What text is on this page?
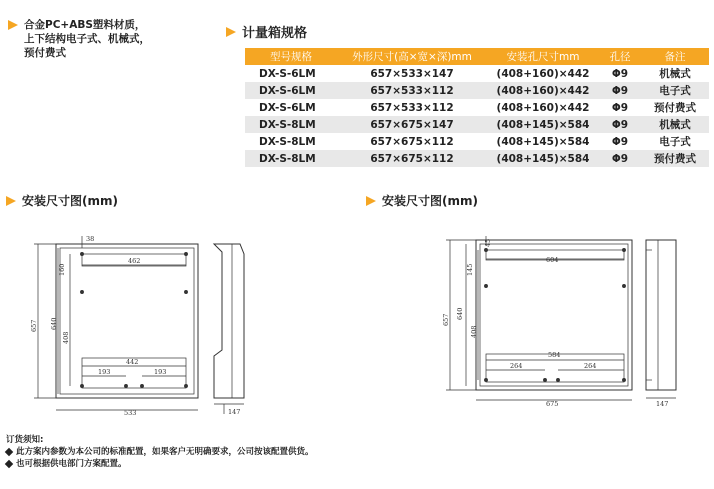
合金PC+ABS塑料材质，
上下结构电子式、机械式，
预付费式
计量箱规格
型号规格	外形尺寸(高×宽×深)mm	安装孔尺寸mm	孔径	备注
DX-S-6LM	657×533×147	(408+160)×442	Φ9	机械式
DX-S-6LM	657×533×112	(408+160)×442	Φ9	电子式
DX-S-6LM	657×533×112	(408+160)×442	Φ9	预付费式
DX-S-8LM	657×675×147	(408+145)×584	Φ9	机械式
DX-S-8LM	657×675×112	(408+145)×584	Φ9	电子式
DX-S-8LM	657×675×112	(408+145)×584	Φ9	预付费式
安装尺寸图(mm)	安装尺寸图(mm)
38
462
160
657 640
408
442
193	193
533	147
45
604
145
657 640
408
584
264	264
675	147
订货须知:
此方案内参数为本公司的标准配置，如果客户无明确要求，公司按该配置供货。
也可根据供电部门方案配置。
